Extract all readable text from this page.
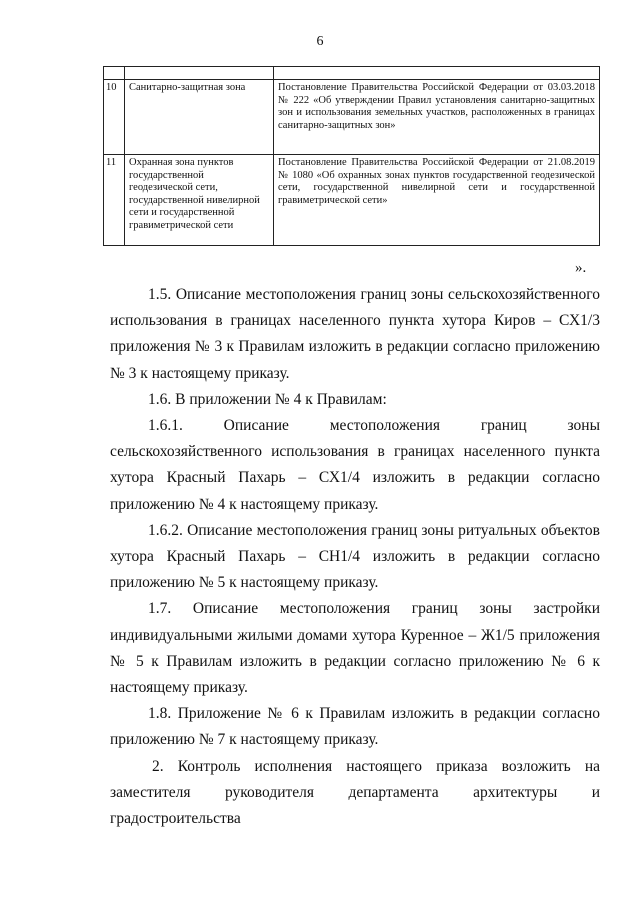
6

10	Санитарно-защитная зона	Постановление Правительства Российской Федерации от 03.03.2018 № 222 «Об утверждении Правил установления санитарно-защитных зон и использования земельных участков, расположенных в границах санитарно-защитных зон»
11	Охранная зона пунктов государственной геодезической сети, государственной нивелирной сети и государственной гравиметрической сети	Постановление Правительства Российской Федерации от 21.08.2019 № 1080 «Об охранных зонах пунктов государственной геодезической сети, государственной нивелирной сети и государственной гравиметрической сети»
».

1.5. Описание местоположения границ зоны сельскохозяйственного использования в границах населенного пункта хутора Киров – СХ1/3 приложения № 3 к Правилам изложить в редакции согласно приложению № 3 к настоящему приказу.

1.6. В приложении № 4 к Правилам:

1.6.1. Описание местоположения границ зоны сельскохозяйственного использования в границах населенного пункта хутора Красный Пахарь – СХ1/4 изложить в редакции согласно приложению № 4 к настоящему приказу.

1.6.2. Описание местоположения границ зоны ритуальных объектов хутора Красный Пахарь – СН1/4 изложить в редакции согласно приложению № 5 к настоящему приказу.

1.7. Описание местоположения границ зоны застройки индивидуальными жилыми домами хутора Куренное – Ж1/5 приложения № 5 к Правилам изложить в редакции согласно приложению № 6 к настоящему приказу.

1.8. Приложение № 6 к Правилам изложить в редакции согласно приложению № 7 к настоящему приказу.

2. Контроль исполнения настоящего приказа возложить на заместителя руководителя департамента архитектуры и градостроительства
